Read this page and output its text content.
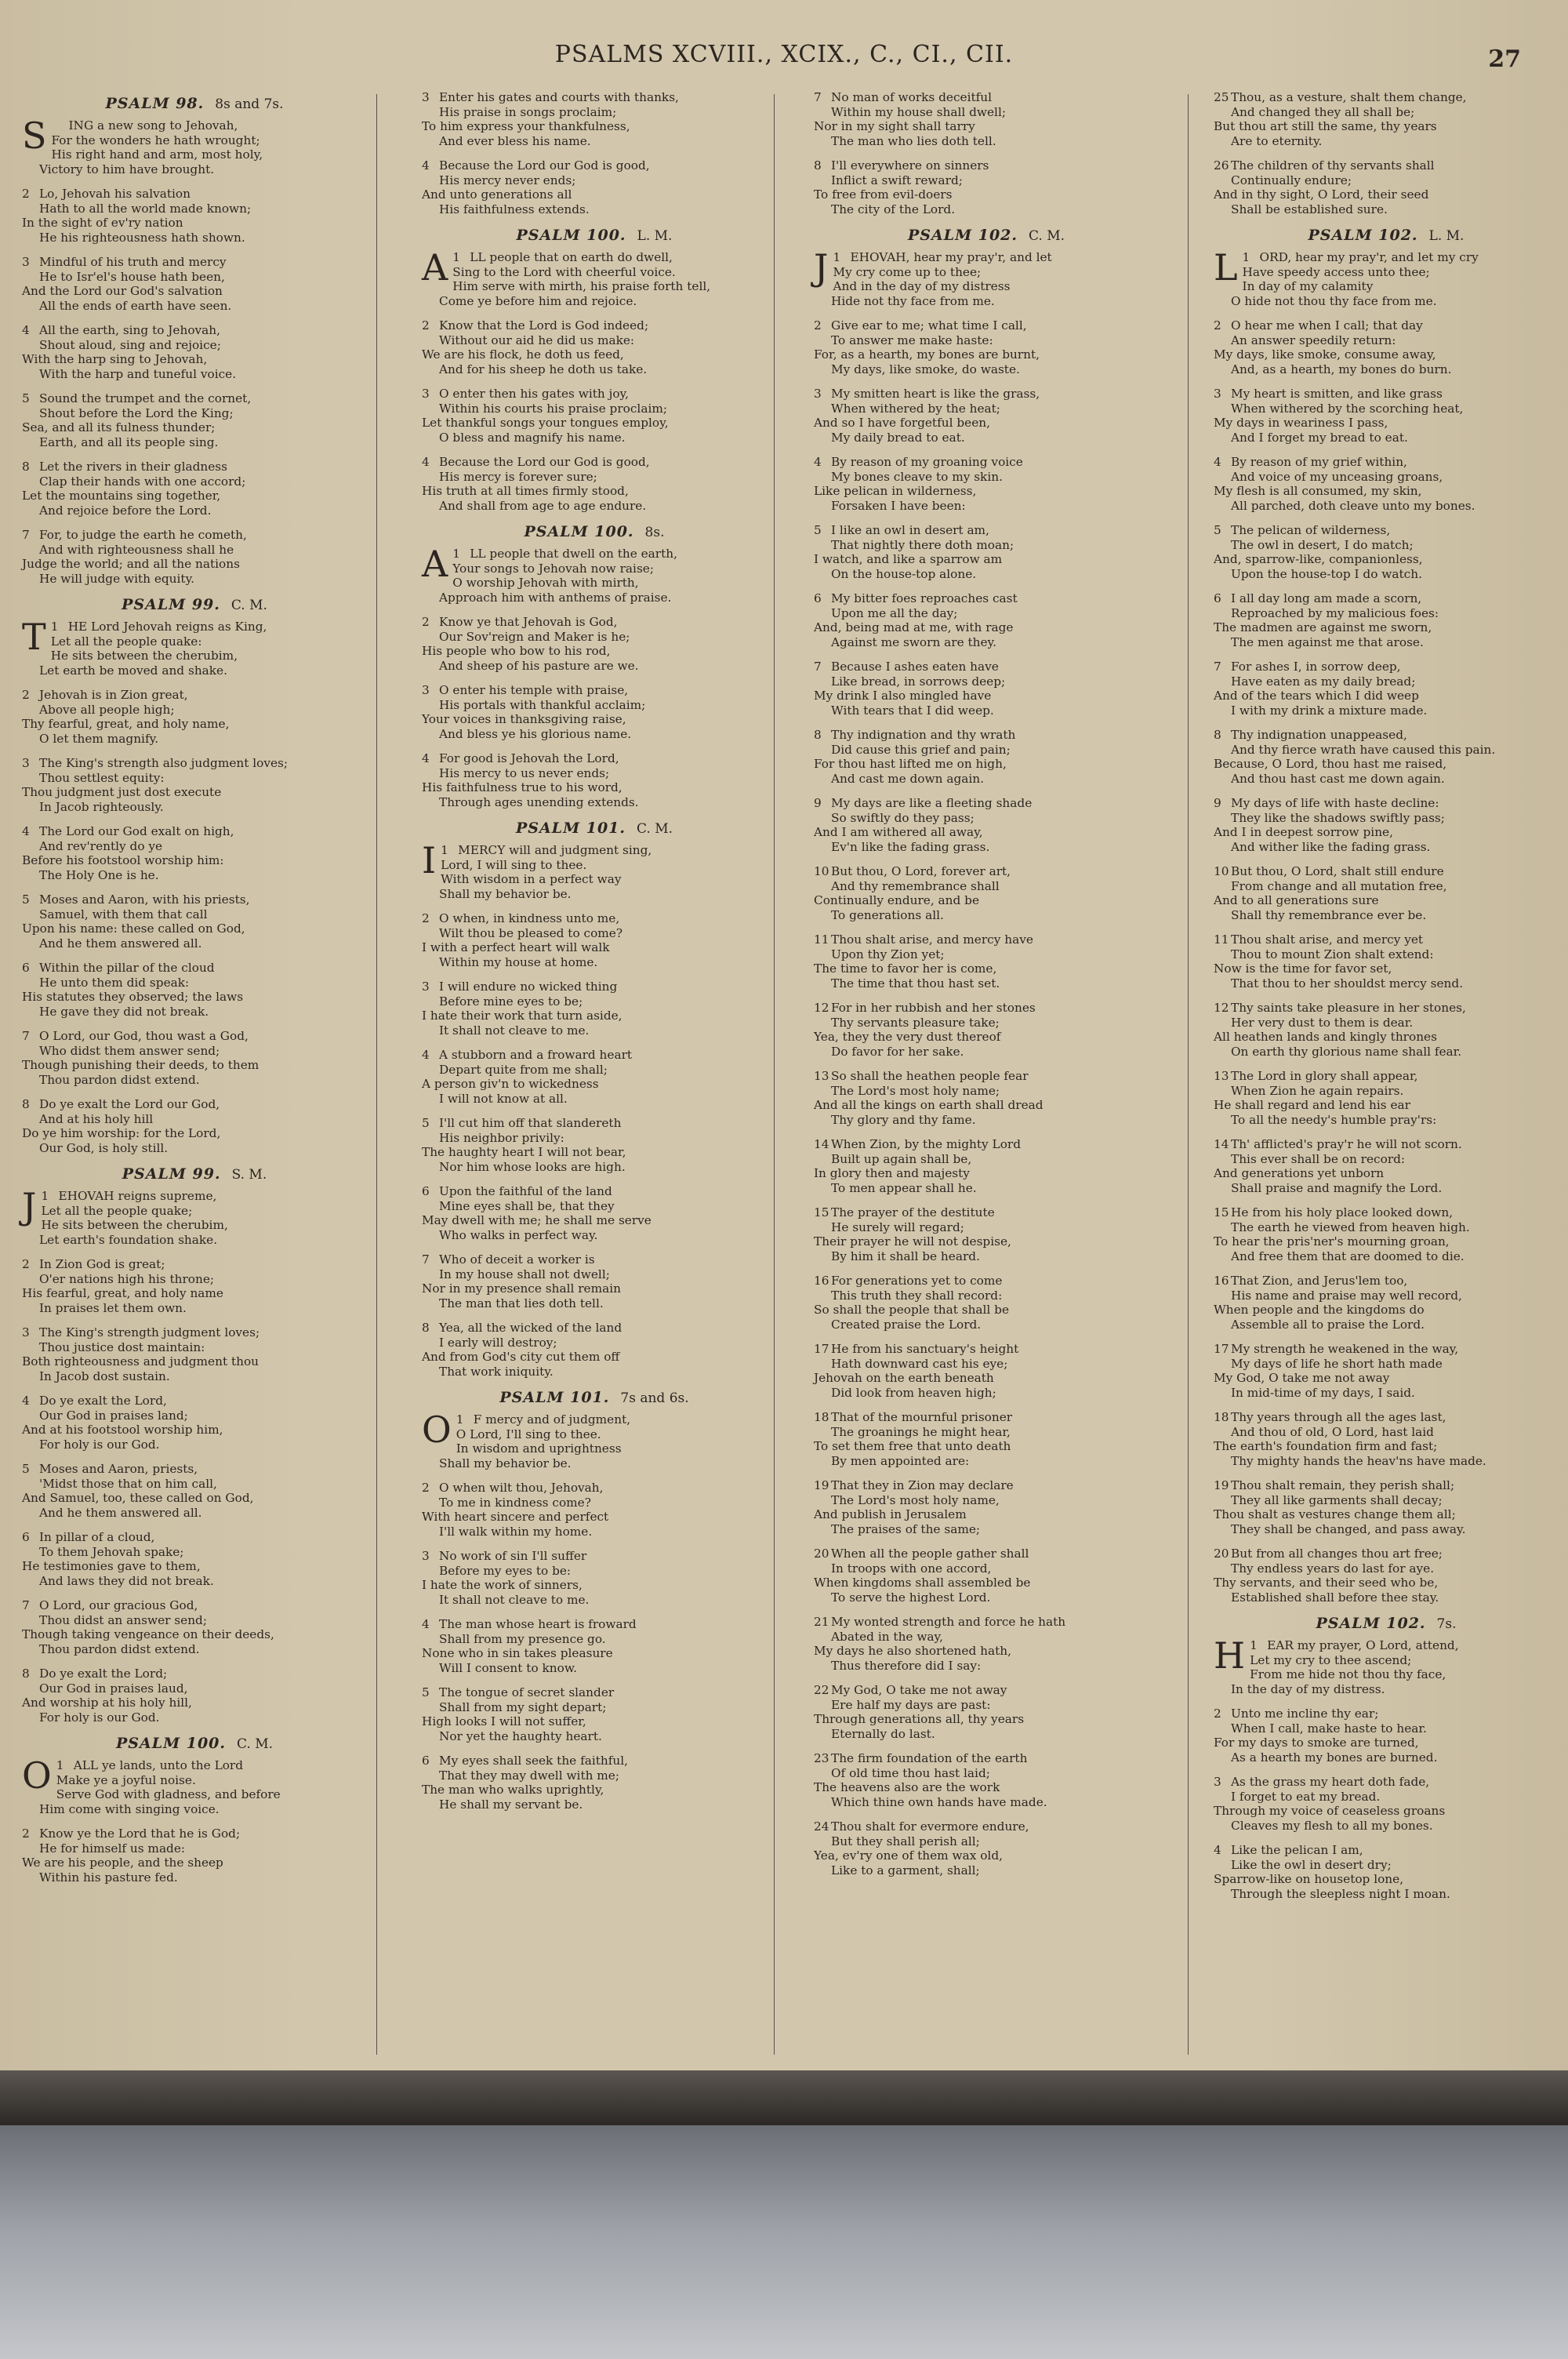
PSALMS XCVIII., XCIX., C., CI., CII.	27
PSALM 98. 8s and 7s.
S ING a new song to Jehovah,
For the wonders he hath wrought;
His right hand and arm, most holy,
Victory to him have brought.
2 Lo, Jehovah his salvation
Hath to all the world made known;
In the sight of ev'ry nation
He his righteousness hath shown.
3 Mindful of his truth and mercy
He to Isr'el's house hath been,
And the Lord our God's salvation
All the ends of earth have seen.
4 All the earth, sing to Jehovah,
Shout aloud, sing and rejoice;
With the harp sing to Jehovah,
With the harp and tuneful voice.
5 Sound the trumpet and the cornet,
Shout before the Lord the King;
Sea, and all its fulness thunder;
Earth, and all its people sing.
8 Let the rivers in their gladness
Clap their hands with one accord;
Let the mountains sing together,
And rejoice before the Lord.
7 For, to judge the earth he cometh,
And with righteousness shall he
Judge the world; and all the nations
He will judge with equity.
PSALM 99. C. M.
1
T HE Lord Jehovah reigns as King,
Let all the people quake:
He sits between the cherubim,
Let earth be moved and shake.
2 Jehovah is in Zion great,
Above all people high;
Thy fearful, great, and holy name,
O let them magnify.
3 The King's strength also judgment loves;
Thou settlest equity:
Thou judgment just dost execute
In Jacob righteously.
4 The Lord our God exalt on high,
And rev'rently do ye
Before his footstool worship him:
The Holy One is he.
5 Moses and Aaron, with his priests,
Samuel, with them that call
Upon his name: these called on God,
And he them answered all.
6 Within the pillar of the cloud
He unto them did speak:
His statutes they observed; the laws
He gave they did not break.
7 O Lord, our God, thou wast a God,
Who didst them answer send;
Though punishing their deeds, to them
Thou pardon didst extend.
8 Do ye exalt the Lord our God,
And at his holy hill
Do ye him worship: for the Lord,
Our God, is holy still.
PSALM 99. S. M.
1
J EHOVAH reigns supreme,
Let all the people quake;
He sits between the cherubim,
Let earth's foundation shake.
2 In Zion God is great;
O'er nations high his throne;
His fearful, great, and holy name
In praises let them own.
3 The King's strength judgment loves;
Thou justice dost maintain:
Both righteousness and judgment thou
In Jacob dost sustain.
4 Do ye exalt the Lord,
Our God in praises land;
And at his footstool worship him,
For holy is our God.
5 Moses and Aaron, priests,
'Midst those that on him call,
And Samuel, too, these called on God,
And he them answered all.
6 In pillar of a cloud,
To them Jehovah spake;
He testimonies gave to them,
And laws they did not break.
7 O Lord, our gracious God,
Thou didst an answer send;
Though taking vengeance on their deeds,
Thou pardon didst extend.
8 Do ye exalt the Lord;
Our God in praises laud,
And worship at his holy hill,
For holy is our God.
PSALM 100. C. M.
1
O ALL ye lands, unto the Lord
Make ye a joyful noise.
Serve God with gladness, and before
Him come with singing voice.
2 Know ye the Lord that he is God;
He for himself us made:
We are his people, and the sheep
Within his pasture fed.
3 Enter his gates and courts with thanks,
His praise in songs proclaim;
To him express your thankfulness,
And ever bless his name.
4 Because the Lord our God is good,
His mercy never ends;
And unto generations all
His faithfulness extends.
PSALM 100. L. M.
1
A LL people that on earth do dwell,
Sing to the Lord with cheerful voice.
Him serve with mirth, his praise forth tell,
Come ye before him and rejoice.
2 Know that the Lord is God indeed;
Without our aid he did us make:
We are his flock, he doth us feed,
And for his sheep he doth us take.
3 O enter then his gates with joy,
Within his courts his praise proclaim;
Let thankful songs your tongues employ,
O bless and magnify his name.
4 Because the Lord our God is good,
His mercy is forever sure;
His truth at all times firmly stood,
And shall from age to age endure.
PSALM 100. 8s.
1
A LL people that dwell on the earth,
Your songs to Jehovah now raise;
O worship Jehovah with mirth,
Approach him with anthems of praise.
2 Know ye that Jehovah is God,
Our Sov'reign and Maker is he;
His people who bow to his rod,
And sheep of his pasture are we.
3 O enter his temple with praise,
His portals with thankful acclaim;
Your voices in thanksgiving raise,
And bless ye his glorious name.
4 For good is Jehovah the Lord,
His mercy to us never ends;
His faithfulness true to his word,
Through ages unending extends.
PSALM 101. C. M.
1
I MERCY will and judgment sing,
Lord, I will sing to thee.
With wisdom in a perfect way
Shall my behavior be.
2 O when, in kindness unto me,
Wilt thou be pleased to come?
I with a perfect heart will walk
Within my house at home.
3 I will endure no wicked thing
Before mine eyes to be;
I hate their work that turn aside,
It shall not cleave to me.
4 A stubborn and a froward heart
Depart quite from me shall;
A person giv'n to wickedness
I will not know at all.
5 I'll cut him off that slandereth
His neighbor privily:
The haughty heart I will not bear,
Nor him whose looks are high.
6 Upon the faithful of the land
Mine eyes shall be, that they
May dwell with me; he shall me serve
Who walks in perfect way.
7 Who of deceit a worker is
In my house shall not dwell;
Nor in my presence shall remain
The man that lies doth tell.
8 Yea, all the wicked of the land
I early will destroy;
And from God's city cut them off
That work iniquity.
PSALM 101. 7s and 6s.
1
O F mercy and of judgment,
O Lord, I'll sing to thee.
In wisdom and uprightness
Shall my behavior be.
2 O when wilt thou, Jehovah,
To me in kindness come?
With heart sincere and perfect
I'll walk within my home.
3 No work of sin I'll suffer
Before my eyes to be:
I hate the work of sinners,
It shall not cleave to me.
4 The man whose heart is froward
Shall from my presence go.
None who in sin takes pleasure
Will I consent to know.
5 The tongue of secret slander
Shall from my sight depart;
High looks I will not suffer,
Nor yet the haughty heart.
6 My eyes shall seek the faithful,
That they may dwell with me;
The man who walks uprightly,
He shall my servant be.
7 No man of works deceitful
Within my house shall dwell;
Nor in my sight shall tarry
The man who lies doth tell.
8 I'll everywhere on sinners
Inflict a swift reward;
To free from evil-doers
The city of the Lord.
PSALM 102. C. M.
1
J EHOVAH, hear my pray'r, and let
My cry come up to thee;
And in the day of my distress
Hide not thy face from me.
2 Give ear to me; what time I call,
To answer me make haste:
For, as a hearth, my bones are burnt,
My days, like smoke, do waste.
3 My smitten heart is like the grass,
When withered by the heat;
And so I have forgetful been,
My daily bread to eat.
4 By reason of my groaning voice
My bones cleave to my skin.
Like pelican in wilderness,
Forsaken I have been:
5 I like an owl in desert am,
That nightly there doth moan;
I watch, and like a sparrow am
On the house-top alone.
6 My bitter foes reproaches cast
Upon me all the day;
And, being mad at me, with rage
Against me sworn are they.
7 Because I ashes eaten have
Like bread, in sorrows deep;
My drink I also mingled have
With tears that I did weep.
8 Thy indignation and thy wrath
Did cause this grief and pain;
For thou hast lifted me on high,
And cast me down again.
9 My days are like a fleeting shade
So swiftly do they pass;
And I am withered all away,
Ev'n like the fading grass.
10 But thou, O Lord, forever art,
And thy remembrance shall
Continually endure, and be
To generations all.
11 Thou shalt arise, and mercy have
Upon thy Zion yet;
The time to favor her is come,
The time that thou hast set.
12 For in her rubbish and her stones
Thy servants pleasure take;
Yea, they the very dust thereof
Do favor for her sake.
13 So shall the heathen people fear
The Lord's most holy name;
And all the kings on earth shall dread
Thy glory and thy fame.
14 When Zion, by the mighty Lord
Built up again shall be,
In glory then and majesty
To men appear shall he.
15 The prayer of the destitute
He surely will regard;
Their prayer he will not despise,
By him it shall be heard.
16 For generations yet to come
This truth they shall record:
So shall the people that shall be
Created praise the Lord.
17 He from his sanctuary's height
Hath downward cast his eye;
Jehovah on the earth beneath
Did look from heaven high;
18 That of the mournful prisoner
The groanings he might hear,
To set them free that unto death
By men appointed are:
19 That they in Zion may declare
The Lord's most holy name,
And publish in Jerusalem
The praises of the same;
20 When all the people gather shall
In troops with one accord,
When kingdoms shall assembled be
To serve the highest Lord.
21 My wonted strength and force he hath
Abated in the way,
My days he also shortened hath,
Thus therefore did I say:
22 My God, O take me not away
Ere half my days are past:
Through generations all, thy years
Eternally do last.
23 The firm foundation of the earth
Of old time thou hast laid;
The heavens also are the work
Which thine own hands have made.
24 Thou shalt for evermore endure,
But they shall perish all;
Yea, ev'ry one of them wax old,
Like to a garment, shall;
25 Thou, as a vesture, shalt them change,
And changed they all shall be;
But thou art still the same, thy years
Are to eternity.
26 The children of thy servants shall
Continually endure;
And in thy sight, O Lord, their seed
Shall be established sure.
PSALM 102. L. M.
1
L ORD, hear my pray'r, and let my cry
Have speedy access unto thee;
In day of my calamity
O hide not thou thy face from me.
2 O hear me when I call; that day
An answer speedily return:
My days, like smoke, consume away,
And, as a hearth, my bones do burn.
3 My heart is smitten, and like grass
When withered by the scorching heat,
My days in weariness I pass,
And I forget my bread to eat.
4 By reason of my grief within,
And voice of my unceasing groans,
My flesh is all consumed, my skin,
All parched, doth cleave unto my bones.
5 The pelican of wilderness,
The owl in desert, I do match;
And, sparrow-like, companionless,
Upon the house-top I do watch.
6 I all day long am made a scorn,
Reproached by my malicious foes:
The madmen are against me sworn,
The men against me that arose.
7 For ashes I, in sorrow deep,
Have eaten as my daily bread;
And of the tears which I did weep
I with my drink a mixture made.
8 Thy indignation unappeased,
And thy fierce wrath have caused this pain.
Because, O Lord, thou hast me raised,
And thou hast cast me down again.
9 My days of life with haste decline:
They like the shadows swiftly pass;
And I in deepest sorrow pine,
And wither like the fading grass.
10 But thou, O Lord, shalt still endure
From change and all mutation free,
And to all generations sure
Shall thy remembrance ever be.
11 Thou shalt arise, and mercy yet
Thou to mount Zion shalt extend:
Now is the time for favor set,
That thou to her shouldst mercy send.
12 Thy saints take pleasure in her stones,
Her very dust to them is dear.
All heathen lands and kingly thrones
On earth thy glorious name shall fear.
13 The Lord in glory shall appear,
When Zion he again repairs.
He shall regard and lend his ear
To all the needy's humble pray'rs:
14 Th' afflicted's pray'r he will not scorn.
This ever shall be on record:
And generations yet unborn
Shall praise and magnify the Lord.
15 He from his holy place looked down,
The earth he viewed from heaven high.
To hear the pris'ner's mourning groan,
And free them that are doomed to die.
16 That Zion, and Jerus'lem too,
His name and praise may well record,
When people and the kingdoms do
Assemble all to praise the Lord.
17 My strength he weakened in the way,
My days of life he short hath made
My God, O take me not away
In mid-time of my days, I said.
18 Thy years through all the ages last,
And thou of old, O Lord, hast laid
The earth's foundation firm and fast;
Thy mighty hands the heav'ns have made.
19 Thou shalt remain, they perish shall;
They all like garments shall decay;
Thou shalt as vestures change them all;
They shall be changed, and pass away.
20 But from all changes thou art free;
Thy endless years do last for aye.
Thy servants, and their seed who be,
Established shall before thee stay.
PSALM 102. 7s.
1
H EAR my prayer, O Lord, attend,
Let my cry to thee ascend;
From me hide not thou thy face,
In the day of my distress.
2 Unto me incline thy ear;
When I call, make haste to hear.
For my days to smoke are turned,
As a hearth my bones are burned.
3 As the grass my heart doth fade,
I forget to eat my bread.
Through my voice of ceaseless groans
Cleaves my flesh to all my bones.
4 Like the pelican I am,
Like the owl in desert dry;
Sparrow-like on housetop lone,
Through the sleepless night I moan.
